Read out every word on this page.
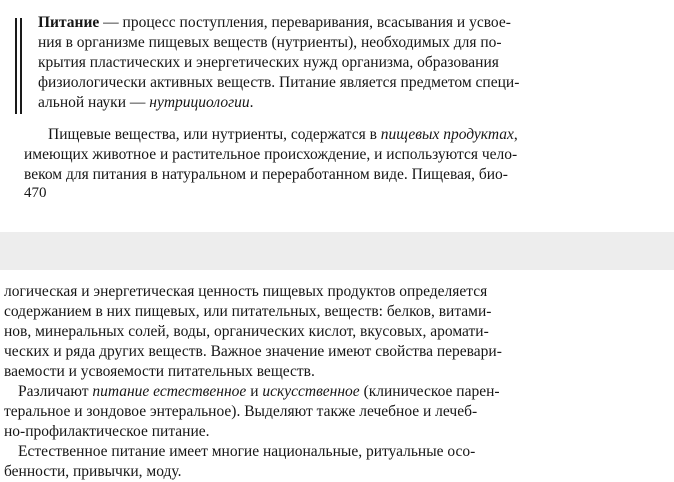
Питание — процесс поступления, переваривания, всасывания и усвое-
ния в организме пищевых веществ (нутриенты), необходимых для по-
крытия пластических и энергетических нужд организма, образования
физиологически активных веществ. Питание является предметом специ-
альной науки — нутрициологии.
Пищевые вещества, или нутриенты, содержатся в пищевых продуктах,
имеющих животное и растительное происхождение, и используются чело-
веком для питания в натуральном и переработанном виде. Пищевая, био-
470
логическая и энергетическая ценность пищевых продуктов определяется
содержанием в них пищевых, или питательных, веществ: белков, витами-
нов, минеральных солей, воды, органических кислот, вкусовых, аромати-
ческих и ряда других веществ. Важное значение имеют свойства перевари-
ваемости и усвояемости питательных веществ.
Различают питание естественное и искусственное (клиническое парен-
теральное и зондовое энтеральное). Выделяют также лечебное и лечеб-
но-профилактическое питание.
Естественное питание имеет многие национальные, ритуальные осо-
бенности, привычки, моду.
